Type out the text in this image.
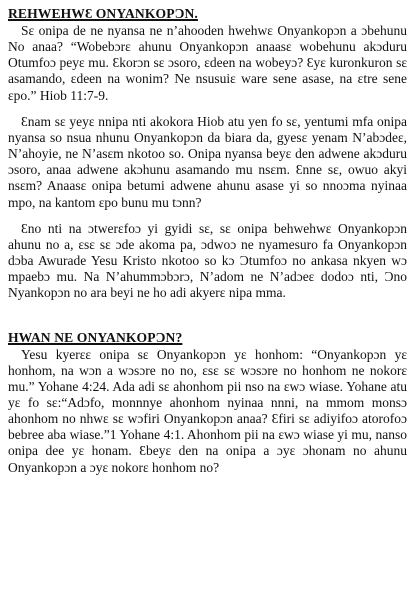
REHWEHWƐ ONYANKOPƆN.

Sɛ onipa de ne nyansa ne n’ahooden hwehwɛ Onyankopɔn a ɔbehunu No anaa? “Wobebɔrɛ ahunu Onyankopɔn anaasɛ wobehunu akɔduru Otumfoɔ peyɛ mu. Ɛkorɔn sɛ ɔsoro, ɛdeen na wobeyɔ? Ɛyɛ kuronkuron sɛ asamando, ɛdeen na wonim? Ne nsusuiɛ ware sene asase, na ɛtre sene ɛpo.” Hiob 11:7-9.

Ɛnam sɛ yeyɛ nnipa nti akokora Hiob atu yen fo sɛ, yentumi mfa onipa nyansa so nsua nhunu Onyankopɔn da biara da, gyesɛ yenam N’abɔdeɛ, N’ahoyie, ne N’asɛm nkotoo so. Onipa nyansa beyɛ den adwene akɔduru ɔsoro, anaa adwene akɔhunu asamando mu nsɛm. Ɛnne sɛ, owuo akyi nsɛm? Anaasɛ onipa betumi adwene ahunu asase yi so nnoɔma nyinaa mpo, na kantom ɛpo bunu mu tɔnn?

Ɛno nti na ɔtwerɛfoɔ yi gyidi sɛ, sɛ onipa behwehwɛ Onyankopɔn ahunu no a, ɛsɛ sɛ ɔde akoma pa, ɔdwoɔ ne nyamesuro fa Onyankopɔn dɔba Awurade Yesu Kristo nkotoo so kɔ Ɔtumfoɔ no ankasa nkyen wɔ mpaebɔ mu. Na N’ahummɔbɔrɔ, N’adom ne N’adɔeɛ dodoɔ nti, Ɔno Nyankopɔn no ara beyi ne ho adi akyerɛ nipa mma.

HWAN NE ONYANKOPƆN?

Yesu kyerɛɛ onipa sɛ Onyankopɔn yɛ honhom: “Onyankopɔn yɛ honhom, na wɔn a wɔsɔre no no, ɛsɛ sɛ wɔsɔre no honhom ne nokorɛ mu.” Yohane 4:24. Ada adi sɛ ahonhom pii nso na ɛwɔ wiase. Yohane atu yɛ fo sɛ:“Adɔfo, monnnye ahonhom nyinaa nnni, na mmom monsɔ ahonhom no nhwɛ sɛ wɔfiri Onyankopɔn anaa? Ɛfiri sɛ adiyifoɔ atorofoɔ bebree aba wiase.”1 Yohane 4:1. Ahonhom pii na ɛwɔ wiase yi mu, nanso onipa dee yɛ honam. Ɛbeyɛ den na onipa a ɔyɛ ɔhonam no ahunu Onyankopɔn a ɔyɛ nokorɛ honhom no?
